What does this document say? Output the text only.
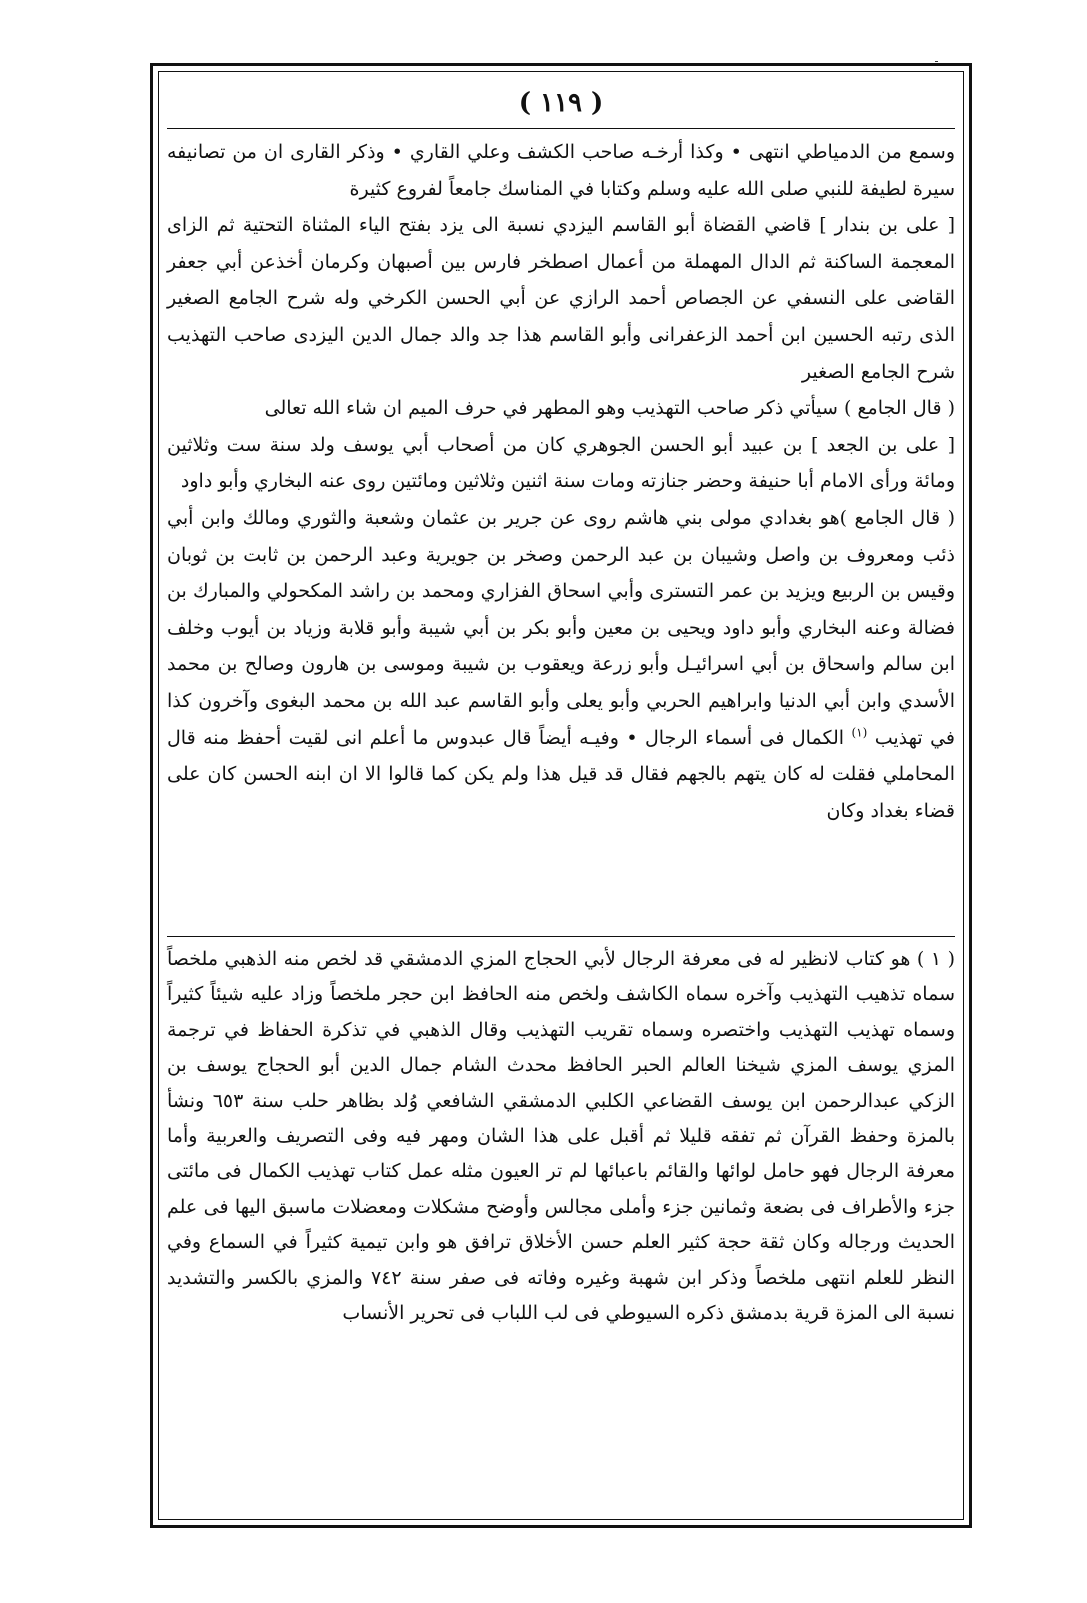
( ١١٩ )

وسمع من الدمياطي انتهى • وكذا أرخـه صاحب الكشف وعلي القاري • وذكر القارى ان من تصانيفه سيرة لطيفة للنبي صلى الله عليه وسلم وكتابا في المناسك جامعاً لفروع كثيرة

[ على بن بندار ] قاضي القضاة أبو القاسم اليزدي نسبة الى يزد بفتح الياء المثناة التحتية ثم الزاى المعجمة الساكنة ثم الدال المهملة من أعمال اصطخر فارس بين أصبهان وكرمان أخذعن أبي جعفر القاضى على النسفي عن الجصاص أحمد الرازي عن أبي الحسن الكرخي وله شرح الجامع الصغير الذى رتبه الحسين ابن أحمد الزعفرانى وأبو القاسم هذا جد والد جمال الدين اليزدى صاحب التهذيب شرح الجامع الصغير

( قال الجامع ) سيأتي ذكر صاحب التهذيب وهو المطهر في حرف الميم ان شاء الله تعالى

[ على بن الجعد ] بن عبيد أبو الحسن الجوهري كان من أصحاب أبي يوسف ولد سنة ست وثلاثين ومائة ورأى الامام أبا حنيفة وحضر جنازته ومات سنة اثنين وثلاثين ومائتين روى عنه البخاري وأبو داود

( قال الجامع )هو بغدادي مولى بني هاشم روى عن جرير بن عثمان وشعبة والثوري ومالك وابن أبي ذئب ومعروف بن واصل وشيبان بن عبد الرحمن وصخر بن جويرية وعبد الرحمن بن ثابت بن ثوبان وقيس بن الربيع ويزيد بن عمر التسترى وأبي اسحاق الفزاري ومحمد بن راشد المكحولي والمبارك بن فضالة وعنه البخاري وأبو داود ويحيى بن معين وأبو بكر بن أبي شيبة وأبو قلابة وزياد بن أيوب وخلف ابن سالم واسحاق بن أبي اسرائيـل وأبو زرعة ويعقوب بن شيبة وموسى بن هارون وصالح بن محمد الأسدي وابن أبي الدنيا وابراهيم الحربي وأبو يعلى وأبو القاسم عبد الله بن محمد البغوى وآخرون كذا في تهذيب $^{(١)}$ الكمال فى أسماء الرجال • وفيـه أيضاً قال عبدوس ما أعلم انى لقيت أحفظ منه قال المحاملي فقلت له كان يتهم بالجهم فقال قد قيل هذا ولم يكن كما قالوا الا ان ابنه الحسن كان على قضاء بغداد وكان

( ١ ) هو كتاب لانظير له فى معرفة الرجال لأبي الحجاج المزي الدمشقي قد لخص منه الذهبي ملخصاً سماه تذهيب التهذيب وآخره سماه الكاشف ولخص منه الحافظ ابن حجر ملخصاً وزاد عليه شيئاً كثيراً وسماه تهذيب التهذيب واختصره وسماه تقريب التهذيب وقال الذهبي في تذكرة الحفاظ في ترجمة المزي يوسف المزي شيخنا العالم الحبر الحافظ محدث الشام جمال الدين أبو الحجاج يوسف بن الزكي عبدالرحمن ابن يوسف القضاعي الكلبي الدمشقي الشافعي وُلد بظاهر حلب سنة ٦٥٣ ونشأ بالمزة وحفظ القرآن ثم تفقه قليلا ثم أقبل على هذا الشان ومهر فيه وفى التصريف والعربية وأما معرفة الرجال فهو حامل لوائها والقائم باعبائها لم تر العيون مثله عمل كتاب تهذيب الكمال فى مائتى جزء والأطراف فى بضعة وثمانين جزء وأملى مجالس وأوضح مشكلات ومعضلات ماسبق اليها فى علم الحديث ورجاله وكان ثقة حجة كثير العلم حسن الأخلاق ترافق هو وابن تيمية كثيراً في السماع وفي النظر للعلم انتهى ملخصاً وذكر ابن شهبة وغيره وفاته فى صفر سنة ٧٤٢ والمزي بالكسر والتشديد نسبة الى المزة قرية بدمشق ذكره السيوطي فى لب اللباب فى تحرير الأنساب
